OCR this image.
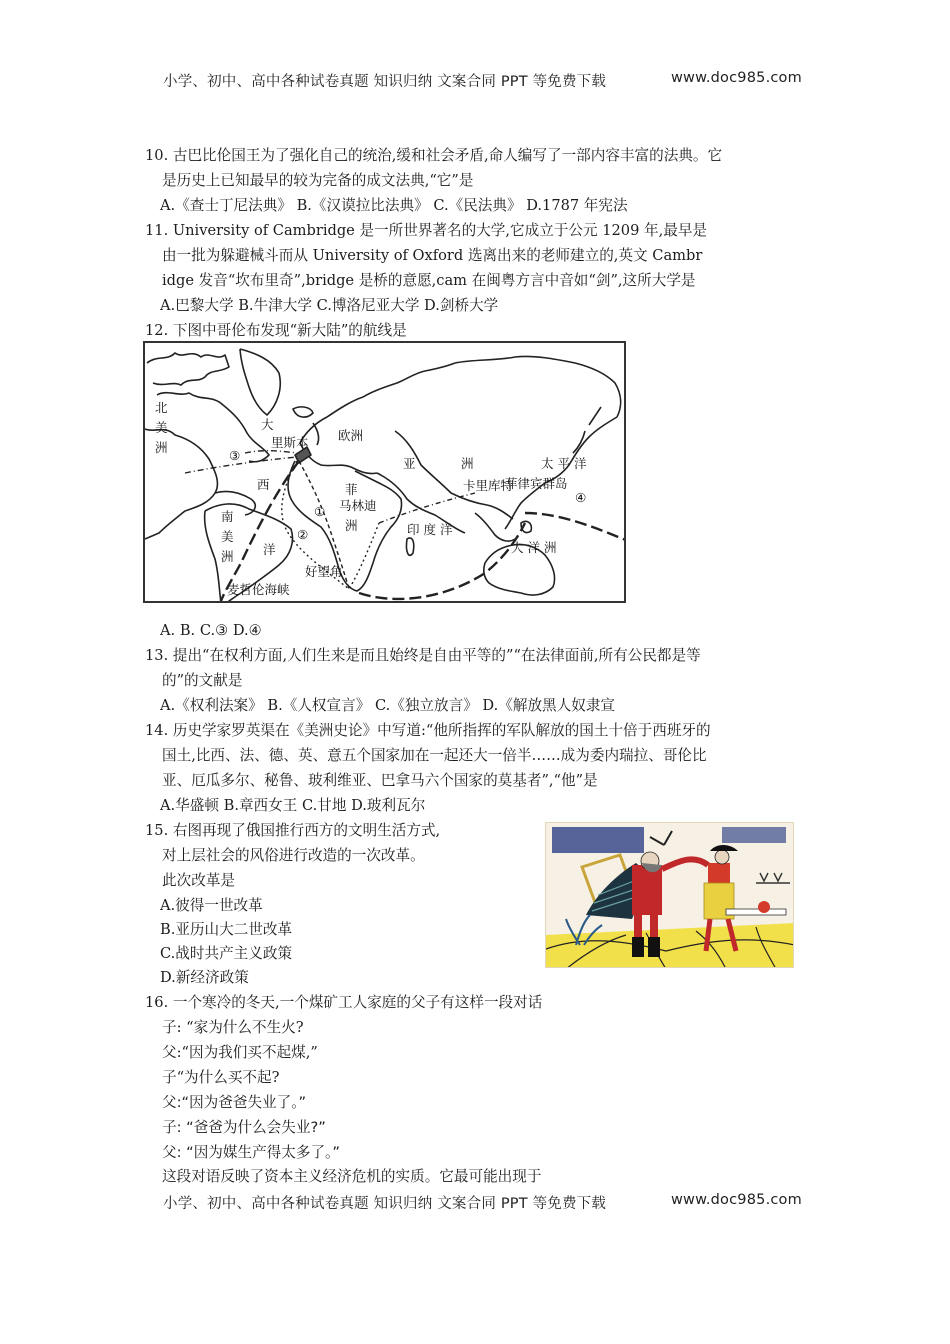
小学、初中、高中各种试卷真题 知识归纳 文案合同 PPT 等免费下载	www.doc985.com
10. 古巴比伦国王为了强化自己的统治,缓和社会矛盾,命人编写了一部内容丰富的法典。它
是历史上已知最早的较为完备的成文法典,“它”是
A.《查士丁尼法典》 B.《汉谟拉比法典》 C.《民法典》 D.1787 年宪法
11. University of Cambridge 是一所世界著名的大学,它成立于公元 1209 年,最早是
由一批为躲避械斗而从 University of Oxford 选离出来的老师建立的,英文 Cambr
idge 发音“坎布里奇”,bridge 是桥的意愿,cam 在闽粤方言中音如“剑”,这所大学是
A.巴黎大学 B.牛津大学 C.博洛尼亚大学 D.剑桥大学
12. 下图中哥伦布发现“新大陆”的航线是
北美洲
大
里斯本 欧洲
③
西
亚	洲	太 平 洋
菲
马林迪
洲
①
②
卡里库特
菲律宾群岛
④
南美洲 洋
印 度 洋
好望角
大 洋 洲
麦哲伦海峡
A. B. C.③ D.④
13. 提出“在权利方面,人们生来是而且始终是自由平等的”“在法律面前,所有公民都是等
的”的文献是
A.《权利法案》 B.《人权宣言》 C.《独立放言》 D.《解放黑人奴隶宣
14. 历史学家罗英渠在《美洲史论》中写道:“他所指挥的军队解放的国土十倍于西班牙的
国土,比西、法、德、英、意五个国家加在一起还大一倍半……成为委内瑞拉、哥伦比
亚、厄瓜多尔、秘鲁、玻利维亚、巴拿马六个国家的莫基者”,“他”是
A.华盛顿 B.章西女王 C.甘地 D.玻利瓦尔
15. 右图再现了俄国推行西方的文明生活方式,
对上层社会的风俗进行改造的一次改革。
此次改革是
A.彼得一世改革
B.亚历山大二世改革
C.战时共产主义政策
D.新经济政策
16. 一个寒冷的冬天,一个煤矿工人家庭的父子有这样一段对话
子: “家为什么不生火?
父:“因为我们买不起煤,”
子“为什么买不起?
父:“因为爸爸失业了。”
子: “爸爸为什么会失业?”
父: “因为媒生产得太多了。”
这段对语反映了资本主义经济危机的实质。它最可能出现于
小学、初中、高中各种试卷真题 知识归纳 文案合同 PPT 等免费下载	www.doc985.com
